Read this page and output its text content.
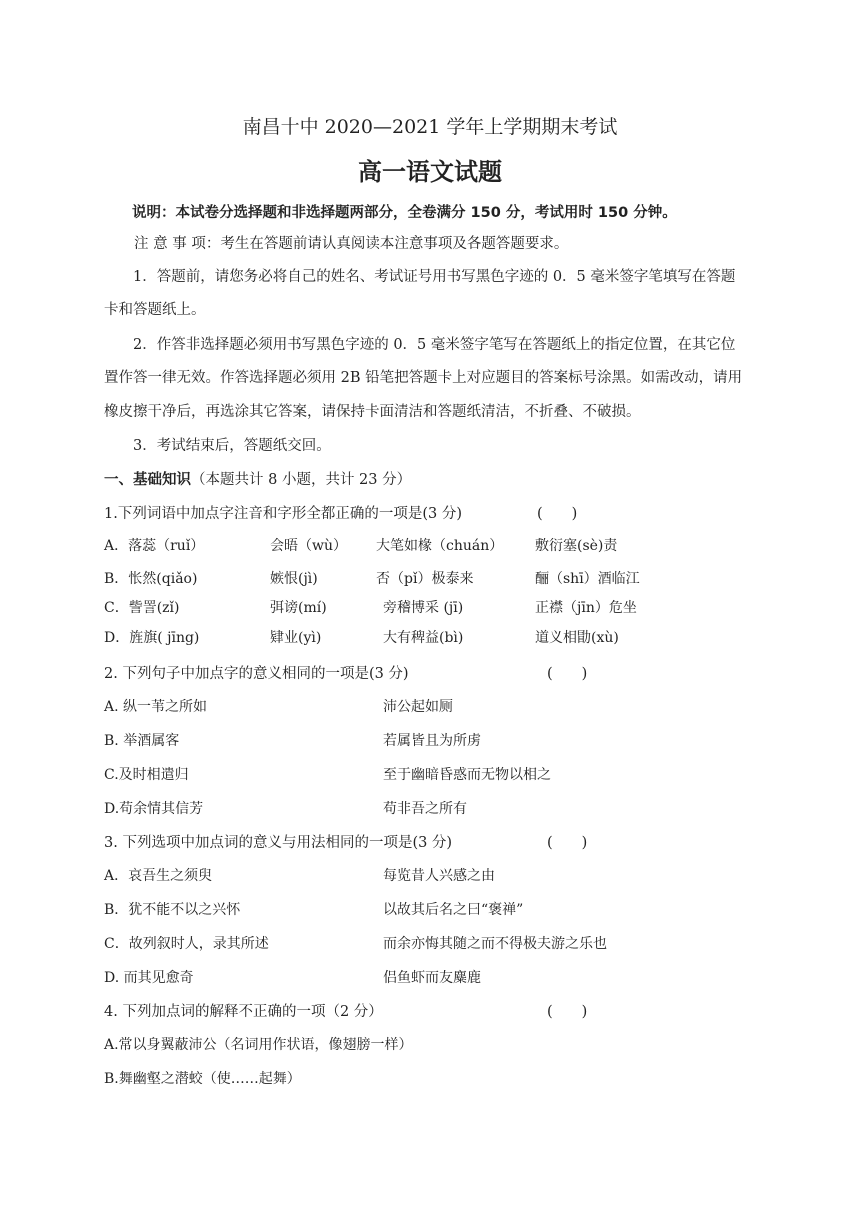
南昌十中 2020—2021 学年上学期期末考试
高一语文试题
说明：本试卷分选择题和非选择题两部分，全卷满分 150 分，考试用时 150 分钟。
注 意 事 项：考生在答题前请认真阅读本注意事项及各题答题要求。
1．答题前，请您务必将自己的姓名、考试证号用书写黑色字迹的 0．5 毫米签字笔填写在答题
卡和答题纸上。
2．作答非选择题必须用书写黑色字迹的 0．5 毫米签字笔写在答题纸上的指定位置，在其它位
置作答一律无效。作答选择题必须用 2B 铅笔把答题卡上对应题目的答案标号涂黑。如需改动，请用
橡皮擦干净后，再选涂其它答案，请保持卡面清洁和答题纸清洁，不折叠、不破损。
3．考试结束后，答题纸交回。
一、基础知识（本题共计 8 小题，共计 23 分）
1.下列词语中加点字注音和字形全都正确的一项是(3 分)	(　　)
A．落蕊（ruǐ）	会晤（wù） 大笔如椽（chuán） 敷衍塞(sè)责
B．怅然(qiǎo)	嫉恨(jì)	否（pǐ）极泰来	酾（shī）酒临江
C．訾詈(zǐ)	弭谤(mí)	旁稽博采 (jī)	正襟（jīn）危坐
D．旌旗( jīng)	肄业(yì)	大有稗益(bì)	道义相勖(xù)
2. 下列句子中加点字的意义相同的一项是(3 分)	(　　)
A. 纵一苇之所如	沛公起如厕
B. 举酒属客	若属皆且为所虏
C.及时相遣归	至于幽暗昏惑而无物以相之
D.苟余情其信芳	苟非吾之所有
3. 下列选项中加点词的意义与用法相同的一项是(3 分)	(　　)
A．哀吾生之须臾	每览昔人兴感之由
B．犹不能不以之兴怀	以故其后名之曰“褒禅”
C．故列叙时人，录其所述	而余亦悔其随之而不得极夫游之乐也
D. 而其见愈奇	侣鱼虾而友麋鹿
4. 下列加点词的解释不正确的一项（2 分）	(　　)
A.常以身翼蔽沛公（名词用作状语，像翅膀一样）
B.舞幽壑之潜蛟（使……起舞）
